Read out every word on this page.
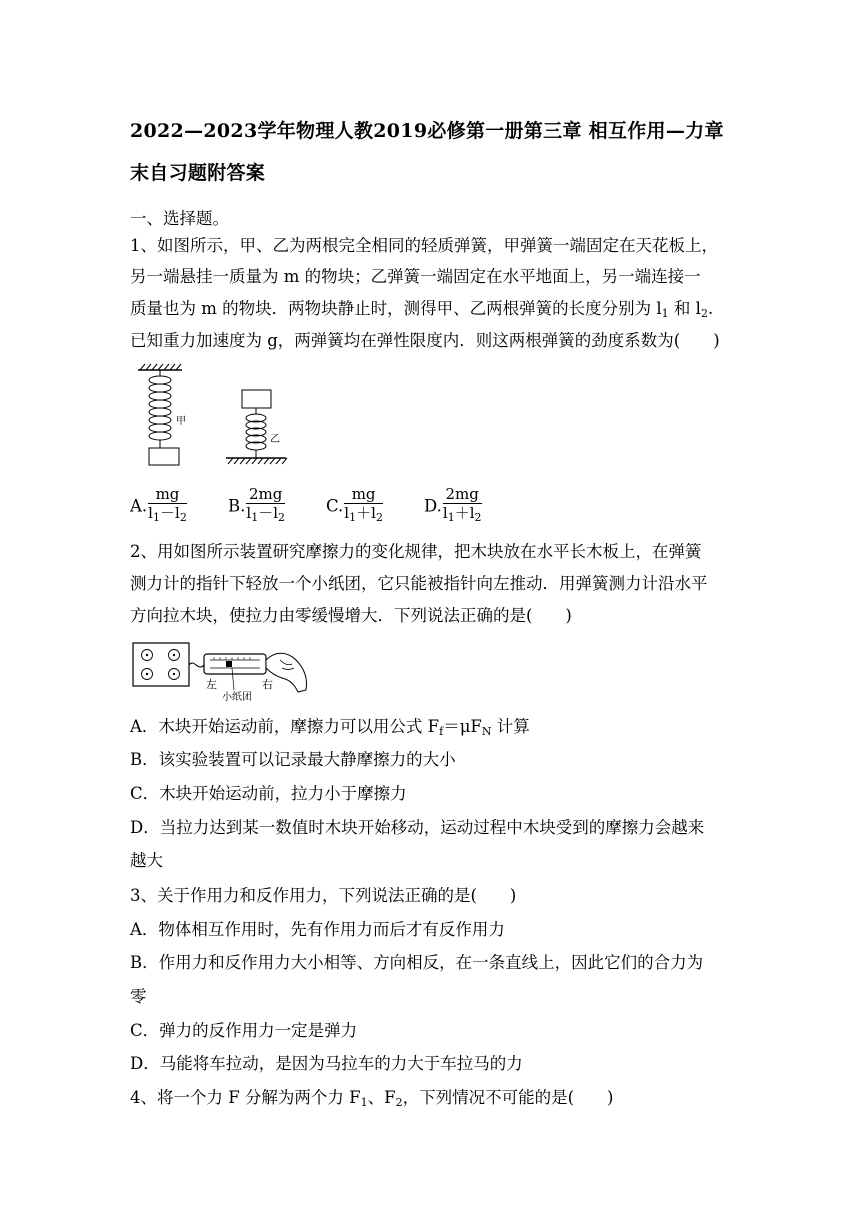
2022—2023学年物理人教2019必修第一册第三章 相互作用—力章末自习题附答案
一、选择题。
1、如图所示，甲、乙为两根完全相同的轻质弹簧，甲弹簧一端固定在天花板上，
另一端悬挂一质量为 m 的物块；乙弹簧一端固定在水平地面上，另一端连接一
质量也为 m 的物块．两物块静止时，测得甲、乙两根弹簧的长度分别为 $l_1$ 和 $l_2$.
已知重力加速度为 g，两弹簧均在弹性限度内．则这两根弹簧的劲度系数为(　　)
甲
乙
A. $\frac{mg}{l_1-l_2} B$. $\frac{2mg}{l_1-l_2} C$. $\frac{mg}{l_1+l_2} D$. $\frac{2mg}{l_1+l_2}$
2、用如图所示装置研究摩擦力的变化规律，把木块放在水平长木板上，在弹簧
测力计的指针下轻放一个小纸团，它只能被指针向左推动．用弹簧测力计沿水平
方向拉木块，使拉力由零缓慢增大．下列说法正确的是(　　)
左	右
小纸团
A．木块开始运动前，摩擦力可以用公式 $F_f=\mu F_N$ 计算
B．该实验装置可以记录最大静摩擦力的大小
C．木块开始运动前，拉力小于摩擦力
D．当拉力达到某一数值时木块开始移动，运动过程中木块受到的摩擦力会越来
越大
3、关于作用力和反作用力，下列说法正确的是(　　)
A．物体相互作用时，先有作用力而后才有反作用力
B．作用力和反作用力大小相等、方向相反，在一条直线上，因此它们的合力为
零
C．弹力的反作用力一定是弹力
D．马能将车拉动，是因为马拉车的力大于车拉马的力
4、将一个力 F 分解为两个力 $F_1$、$F_2$，下列情况不可能的是(　　)
